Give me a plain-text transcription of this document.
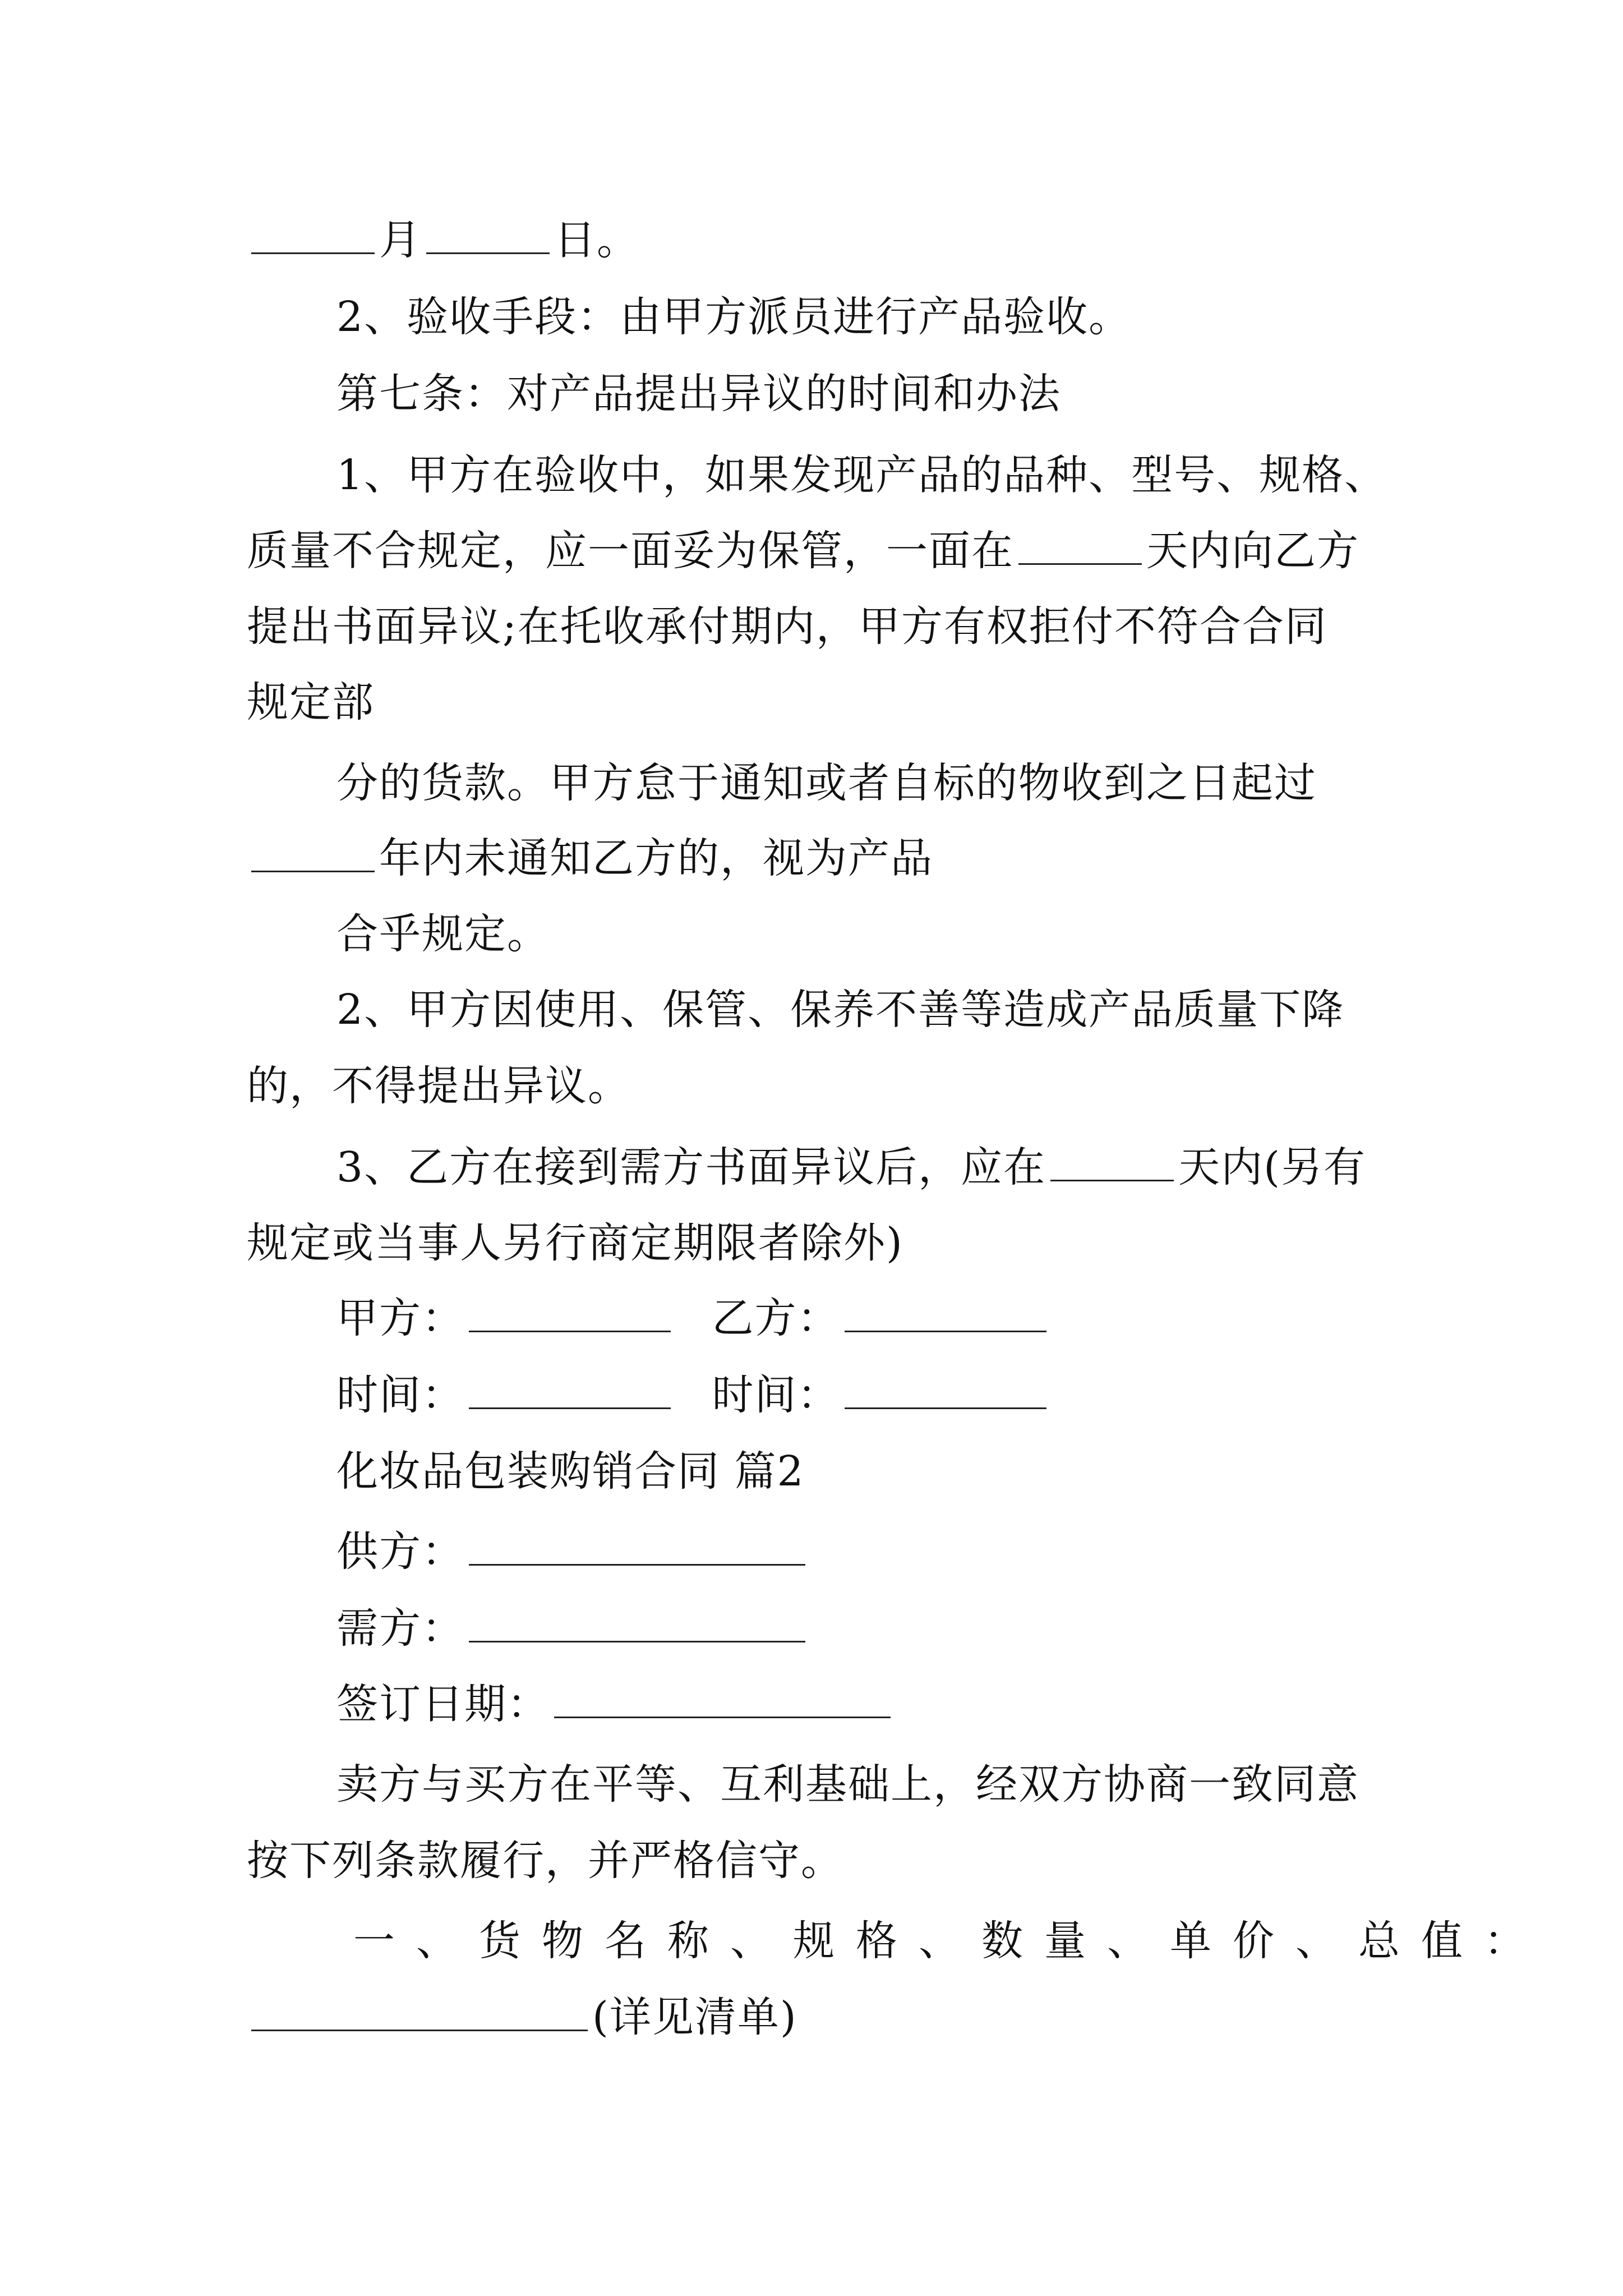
月	日。
2、验收手段：由甲方派员进行产品验收。
第七条：对产品提出异议的时间和办法
1、甲方在验收中，如果发现产品的品种、型号、规格、
质量不合规定，应一面妥为保管，一面在	天内向乙方
提出书面异议;在托收承付期内，甲方有权拒付不符合合同
规定部
分的货款。甲方怠于通知或者自标的物收到之日起过
年内未通知乙方的，视为产品
合乎规定。
2、甲方因使用、保管、保养不善等造成产品质量下降
的，不得提出异议。
3、乙方在接到需方书面异议后，应在	天内(另有
规定或当事人另行商定期限者除外)
甲方：	乙方：
时间：	时间：
化妆品包装购销合同 篇2
供方：
需方：
签订日期：
卖方与买方在平等、互利基础上，经双方协商一致同意
按下列条款履行，并严格信守。
一、货物名称、规格、数量、单价、总值：
(详见清单)
